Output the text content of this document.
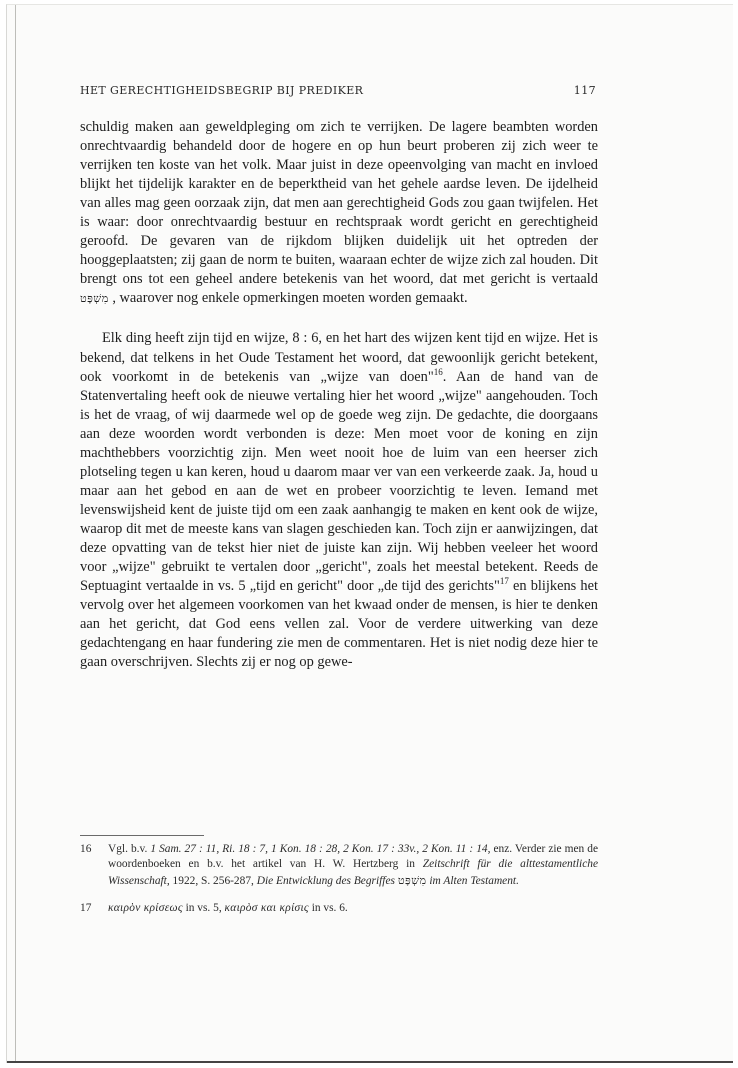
HET GERECHTIGHEIDSBEGRIP BIJ PREDIKER	117

schuldig maken aan geweldpleging om zich te verrijken. De lagere beambten worden onrechtvaardig behandeld door de hogere en op hun beurt proberen zij zich weer te verrijken ten koste van het volk. Maar juist in deze opeenvolging van macht en invloed blijkt het tijdelijk karakter en de beperktheid van het gehele aardse leven. De ijdelheid van alles mag geen oorzaak zijn, dat men aan gerechtigheid Gods zou gaan twijfelen. Het is waar: door onrechtvaardig bestuur en rechtspraak wordt gericht en gerechtigheid geroofd. De gevaren van de rijkdom blijken duidelijk uit het optreden der hooggeplaatsten; zij gaan de norm te buiten, waaraan echter de wijze zich zal houden. Dit brengt ons tot een geheel andere betekenis van het woord, dat met gericht is vertaald מִשְׁפָּט , waarover nog enkele opmerkingen moeten worden gemaakt.

Elk ding heeft zijn tijd en wijze, 8 : 6, en het hart des wijzen kent tijd en wijze. Het is bekend, dat telkens in het Oude Testament het woord, dat gewoonlijk gericht betekent, ook voorkomt in de betekenis van „wijze van doen"$^{16}$. Aan de hand van de Statenvertaling heeft ook de nieuwe vertaling hier het woord „wijze" aangehouden. Toch is het de vraag, of wij daarmede wel op de goede weg zijn. De gedachte, die doorgaans aan deze woorden wordt verbonden is deze: Men moet voor de koning en zijn machthebbers voorzichtig zijn. Men weet nooit hoe de luim van een heerser zich plotseling tegen u kan keren, houd u daarom maar ver van een verkeerde zaak. Ja, houd u maar aan het gebod en aan de wet en probeer voorzichtig te leven. Iemand met levenswijsheid kent de juiste tijd om een zaak aanhangig te maken en kent ook de wijze, waarop dit met de meeste kans van slagen geschieden kan. Toch zijn er aanwijzingen, dat deze opvatting van de tekst hier niet de juiste kan zijn. Wij hebben veeleer het woord voor „wijze" gebruikt te vertalen door „gericht", zoals het meestal betekent. Reeds de Septuagint vertaalde in vs. 5 „tijd en gericht" door „de tijd des gerichts"$^{17}$ en blijkens het vervolg over het algemeen voorkomen van het kwaad onder de mensen, is hier te denken aan het gericht, dat God eens vellen zal. Voor de verdere uitwerking van deze gedachtengang en haar fundering zie men de commentaren. Het is niet nodig deze hier te gaan overschrijven. Slechts zij er nog op gewe-

16	Vgl. b.v. 1 Sam. 27 : 11, Ri. 18 : 7, 1 Kon. 18 : 28, 2 Kon. 17 : 33v., 2 Kon. 11 : 14, enz. Verder zie men de woordenboeken en b.v. het artikel van H. W. Hertzberg in Zeitschrift für die alttestamentliche Wissenschaft, 1922, S. 256-287, Die Entwicklung des Begriffes מִשְׁפָּט im Alten Testament.
17	καιρὸν κρίσεως in vs. 5, καιρὸσ και κρίσις in vs. 6.
